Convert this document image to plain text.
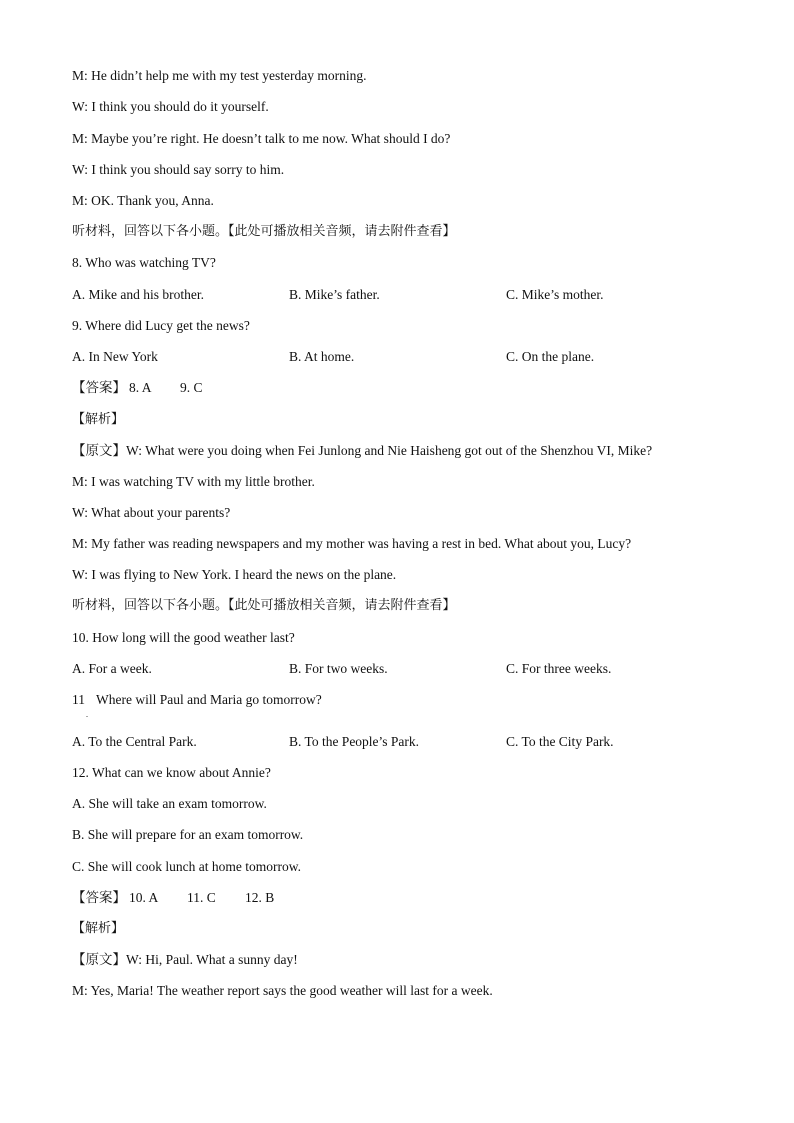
M: He didn’t help me with my test yesterday morning.
W: I think you should do it yourself.
M: Maybe you’re right. He doesn’t talk to me now. What should I do?
W: I think you should say sorry to him.
M: OK. Thank you, Anna.
听材料，回答以下各小题。【此处可播放相关音频，请去附件查看】
8. Who was watching TV?
A. Mike and his brother.	B. Mike’s father.	C. Mike’s mother.
9. Where did Lucy get the news?
A. In New York	B. At home.	C. On the plane.
【答案】 8. A 9. C
【解析】
【原文】W: What were you doing when Fei Junlong and Nie Haisheng got out of the Shenzhou VI, Mike?
M: I was watching TV with my little brother.
W: What about your parents?
M: My father was reading newspapers and my mother was having a rest in bed. What about you, Lucy?
W: I was flying to New York. I heard the news on the plane.
听材料，回答以下各小题。【此处可播放相关音频，请去附件查看】
10. How long will the good weather last?
A. For a week.	B. For two weeks.	C. For three weeks.
11
.
Where will Paul and Maria go tomorrow?
A. To the Central Park.	B. To the People’s Park.	C. To the City Park.
12. What can we know about Annie?
A. She will take an exam tomorrow.
B. She will prepare for an exam tomorrow.
C. She will cook lunch at home tomorrow.
【答案】 10. A 11. C 12. B
【解析】
【原文】W: Hi, Paul. What a sunny day!
M: Yes, Maria! The weather report says the good weather will last for a week.
